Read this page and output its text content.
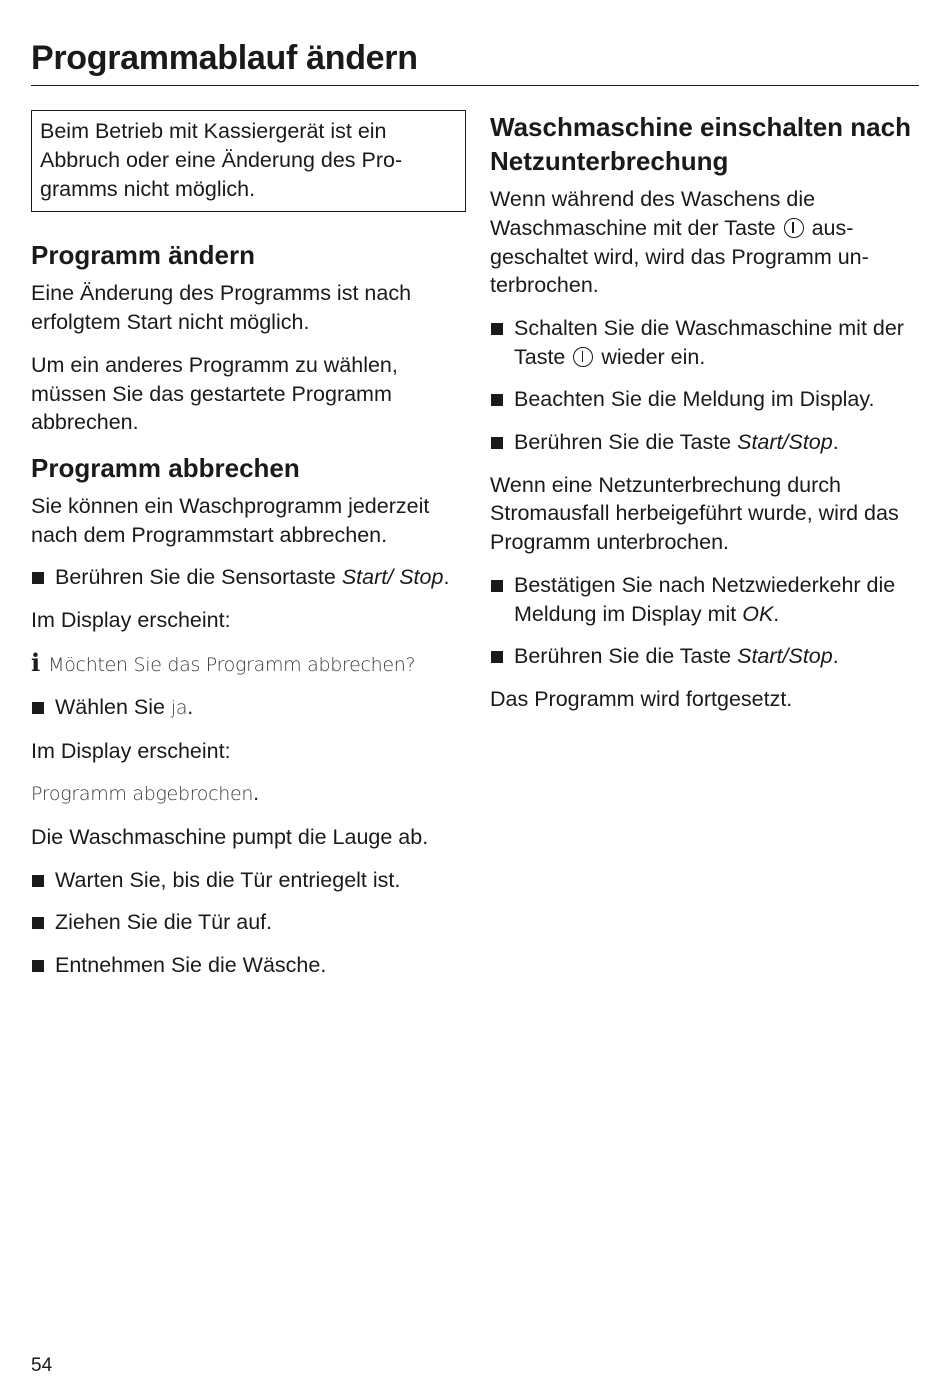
Programmablauf ändern
Beim Betrieb mit Kassiergerät ist ein Abbruch oder eine Änderung des Programms nicht möglich.
Programm ändern

Eine Änderung des Programms ist nach erfolgtem Start nicht möglich.

Um ein anderes Programm zu wählen, müssen Sie das gestartete Programm abbrechen.

Programm abbrechen

Sie können ein Waschprogramm jederzeit nach dem Programmstart abbrechen.

Berühren Sie die Sensortaste Start/ Stop.

Im Display erscheint:

i Möchten Sie das Programm abbrechen?

Wählen Sie ja.

Im Display erscheint:

Programm abgebrochen.

Die Waschmaschine pumpt die Lauge ab.

Warten Sie, bis die Tür entriegelt ist.
Ziehen Sie die Tür auf.
Entnehmen Sie die Wäsche.
Waschmaschine einschalten nach Netzunterbrechung

Wenn während des Waschens die Waschmaschine mit der Taste ausgeschaltet wird, wird das Programm unterbrochen.

Schalten Sie die Waschmaschine mit der Taste wieder ein.
Beachten Sie die Meldung im Display.
Berühren Sie die Taste Start/Stop.

Wenn eine Netzunterbrechung durch Stromausfall herbeigeführt wurde, wird das Programm unterbrochen.

Bestätigen Sie nach Netzwiederkehr die Meldung im Display mit OK.
Berühren Sie die Taste Start/Stop.

Das Programm wird fortgesetzt.

54
